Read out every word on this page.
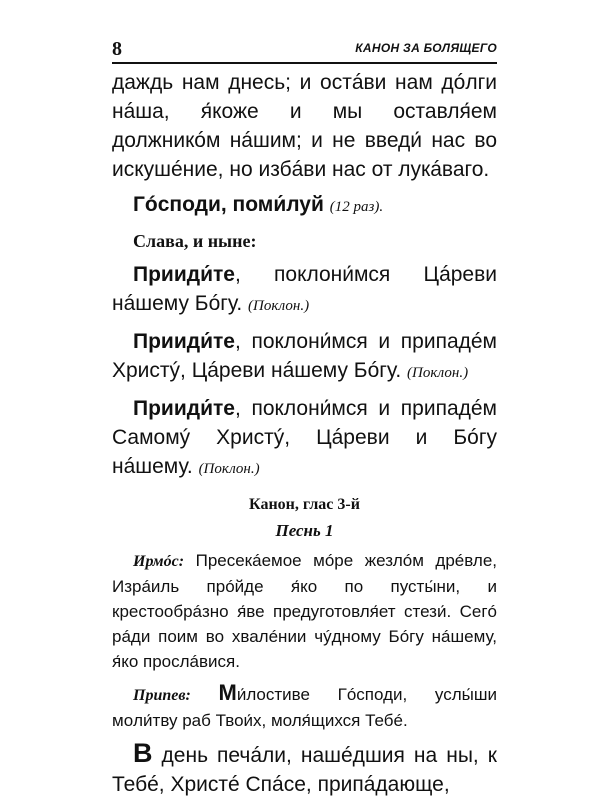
8	КАНОН ЗА БОЛЯЩЕГО

даждь нам днесь; и остáви нам дóлги нáша, я́коже и мы оставля́ем должникóм нáшим; и не введи́ нас во искушéние, но избáви нас от лукáваго.

Гóсподи, поми́луй (12 раз).

Слава, и ныне:

Прииди́те, поклони́мся Цáреви нáшему Бóгу. (Поклон.)

Прииди́те, поклони́мся и припадéм Христý, Цáреви нáшему Бóгу. (Поклон.)

Прииди́те, поклони́мся и припадéм Самомý Христý, Цáреви и Бóгу нáшему. (Поклон.)

Канон, глас 3-й
Песнь 1

Ирмóс: Пресекáемое мóре жезлóм дрéвле, Изрáиль прóйде я́ко по пусты́ни, и крестообрáзно я́ве предуготовля́ет стези́. Сегó рáди поим во хвалéнии чýдному Бóгу нáшему, я́ко прослáвися.

Припев: Ми́лостиве Гóсподи, услы́ши мoли́тву раб Твои́х, моля́щихся Тебé.

В день печáли, нашéдшия на ны, к Тебé, Христé Спáсе, припáдающе,
